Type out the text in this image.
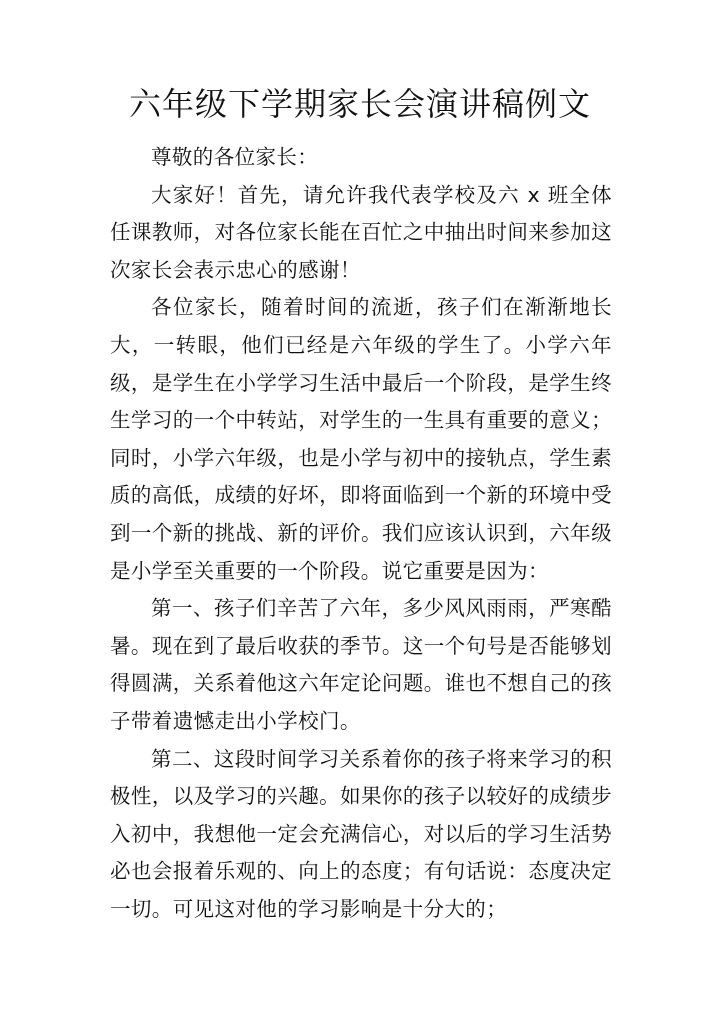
六年级下学期家长会演讲稿例文

尊敬的各位家长：

大家好！首先，请允许我代表学校及六 x 班全体任课教师，对各位家长能在百忙之中抽出时间来参加这次家长会表示忠心的感谢！

各位家长，随着时间的流逝，孩子们在渐渐地长大，一转眼，他们已经是六年级的学生了。小学六年级，是学生在小学学习生活中最后一个阶段，是学生终生学习的一个中转站，对学生的一生具有重要的意义；同时，小学六年级，也是小学与初中的接轨点，学生素质的高低，成绩的好坏，即将面临到一个新的环境中受到一个新的挑战、新的评价。我们应该认识到，六年级是小学至关重要的一个阶段。说它重要是因为：

第一、孩子们辛苦了六年，多少风风雨雨，严寒酷暑。现在到了最后收获的季节。这一个句号是否能够划得圆满，关系着他这六年定论问题。谁也不想自己的孩子带着遗憾走出小学校门。

第二、这段时间学习关系着你的孩子将来学习的积极性，以及学习的兴趣。如果你的孩子以较好的成绩步入初中，我想他一定会充满信心，对以后的学习生活势必也会报着乐观的、向上的态度；有句话说：态度决定一切。可见这对他的学习影响是十分大的；
